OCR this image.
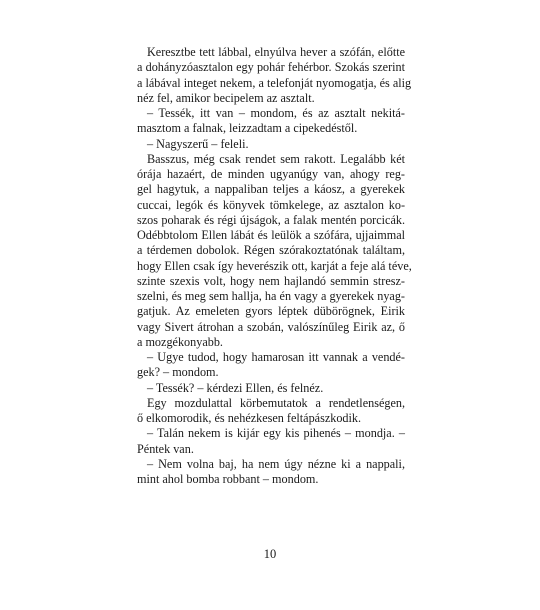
Keresztbe tett lábbal, elnyúlva hever a szófán, előtte
a dohányzóasztalon egy pohár fehérbor. Szokás szerint
a lábával integet nekem, a telefonját nyomogatja, és alig
néz fel, amikor becipelem az asztalt.
– Tessék, itt van – mondom, és az asztalt nekitá-
masztom a falnak, leizzadtam a cipekedéstől.
– Nagyszerű – feleli.
Basszus, még csak rendet sem rakott. Legalább két
órája hazaért, de minden ugyanúgy van, ahogy reg-
gel hagytuk, a nappaliban teljes a káosz, a gyerekek
cuccai, legók és könyvek tömkelege, az asztalon ko-
szos poharak és régi újságok, a falak mentén porcicák.
Odébbtolom Ellen lábát és leülök a szófára, ujjaimmal
a térdemen dobolok. Régen szórakoztatónak találtam,
hogy Ellen csak így heverészik ott, karját a feje alá téve,
szinte szexis volt, hogy nem hajlandó semmin stresz-
szelni, és meg sem hallja, ha én vagy a gyerekek nyag-
gatjuk. Az emeleten gyors léptek dübörögnek, Eirik
vagy Sivert átrohan a szobán, valószínűleg Eirik az, ő
a mozgékonyabb.
– Ugye tudod, hogy hamarosan itt vannak a vendé-
gek? – mondom.
– Tessék? – kérdezi Ellen, és felnéz.
Egy mozdulattal körbemutatok a rendetlenségen,
ő elkomorodik, és nehézkesen feltápászkodik.
– Talán nekem is kijár egy kis pihenés – mondja. –
Péntek van.
– Nem volna baj, ha nem úgy nézne ki a nappali,
mint ahol bomba robbant – mondom.
10
